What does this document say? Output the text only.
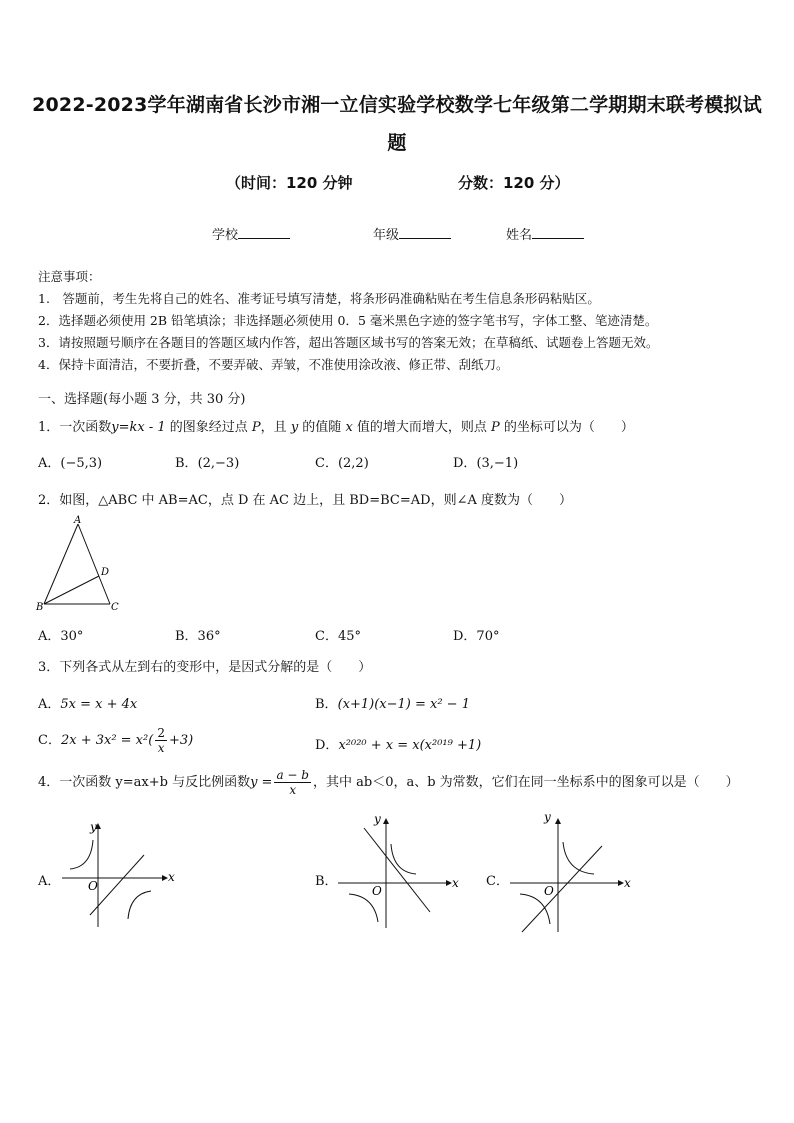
2022-2023学年湖南省长沙市湘一立信实验学校数学七年级第二学期期末联考模拟试
题
（时间：120 分钟	分数：120 分）
学校	年级	姓名
注意事项：
1.　答题前，考生先将自己的姓名、准考证号填写清楚，将条形码准确粘贴在考生信息条形码粘贴区。
2．选择题必须使用 2B 铅笔填涂；非选择题必须使用 0．5 毫米黑色字迹的签字笔书写，字体工整、笔迹清楚。
3．请按照题号顺序在各题目的答题区域内作答，超出答题区域书写的答案无效；在草稿纸、试题卷上答题无效。
4．保持卡面清洁，不要折叠，不要弄破、弄皱，不准使用涂改液、修正带、刮纸刀。
一、选择题(每小题 3 分，共 30 分)
1．一次函数y=kx - 1 的图象经过点 P，且 y 的值随 x 值的增大而增大，则点 P 的坐标可以为（　　）
A．(−5,3)	B．(2,−3)	C．(2,2)	D．(3,−1)
2．如图，△ABC 中 AB=AC，点 D 在 AC 边上，且 BD=BC=AD，则∠A 度数为（　　）
A
D
B	C
A．30°	B．36°	C．45°	D．70°
3．下列各式从左到右的变形中，是因式分解的是（　　）
A．5x = x + 4x	B．(x+1)(x−1) = x² − 1
C．$2x + 3x^2 = x^2( \frac{2}{x} +3)$	D．x²⁰²⁰ + x = x(x²⁰¹⁹ +1)
4．一次函数 y=ax+b 与反比例函数$y = \frac{a - b}{x}$ ，其中 ab＜0，a、b 为常数，它们在同一坐标系中的图象可以是（　　）
A．	x
y
O	B．	x
y
O
C．	x
y
O
